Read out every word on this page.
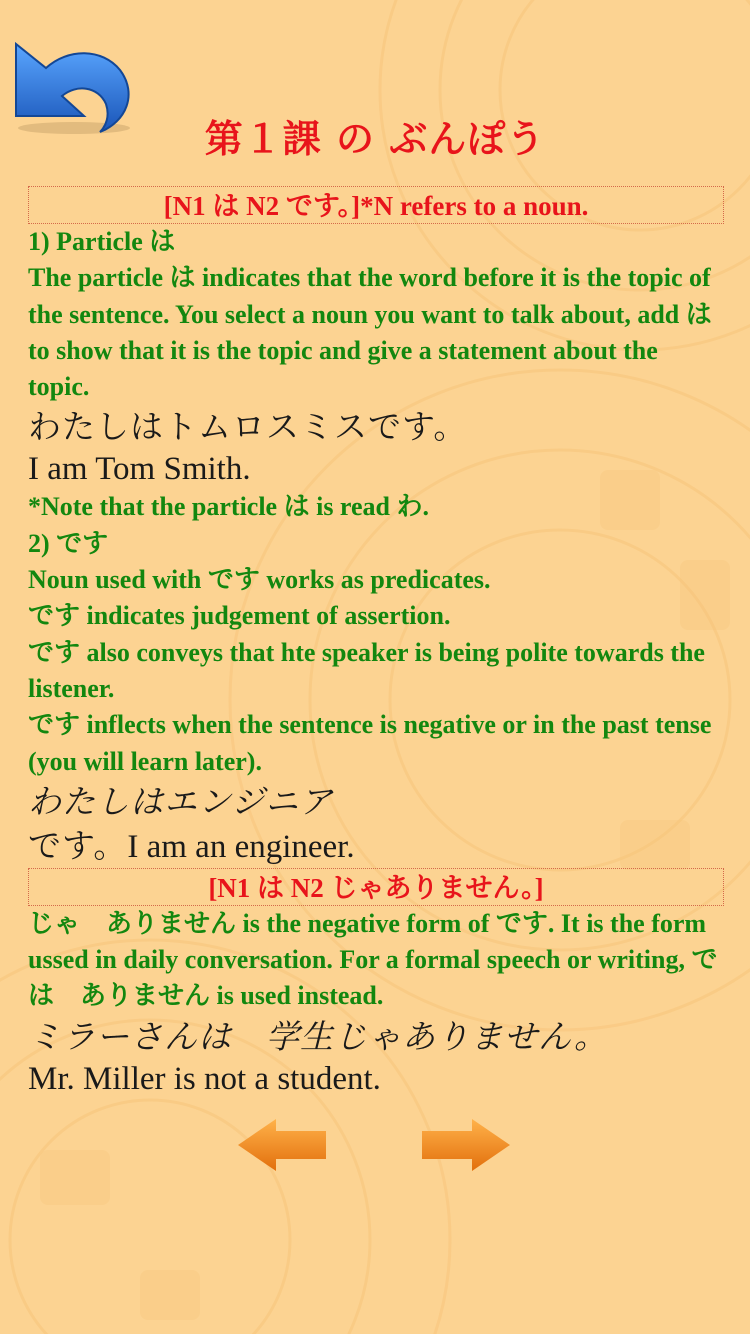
第１課 の ぶんぽう
[N1 は N2 です。]*N refers to a noun.

1) Particle は

The particle は indicates that the word before it is the topic of the sentence. You select a noun you want to talk about, add は to show that it is the topic and give a statement about the topic.

わたしはトムロスミスです。

I am Tom Smith.

*Note that the particle は is read わ.

2) です

Noun used with です works as predicates.

です indicates judgement of assertion.

です also conveys that hte speaker is being polite towards the listener.

です inflects when the sentence is negative or in the past tense (you will learn later).

わたしはエンジニア

です。I am an engineer.

[N1 は N2 じゃありません。]

じゃ　ありません is the negative form of です. It is the form ussed in daily conversation. For a formal speech or writing, では　ありません is used instead.

ミラーさんは　学生じゃありません。

Mr. Miller is not a student.
